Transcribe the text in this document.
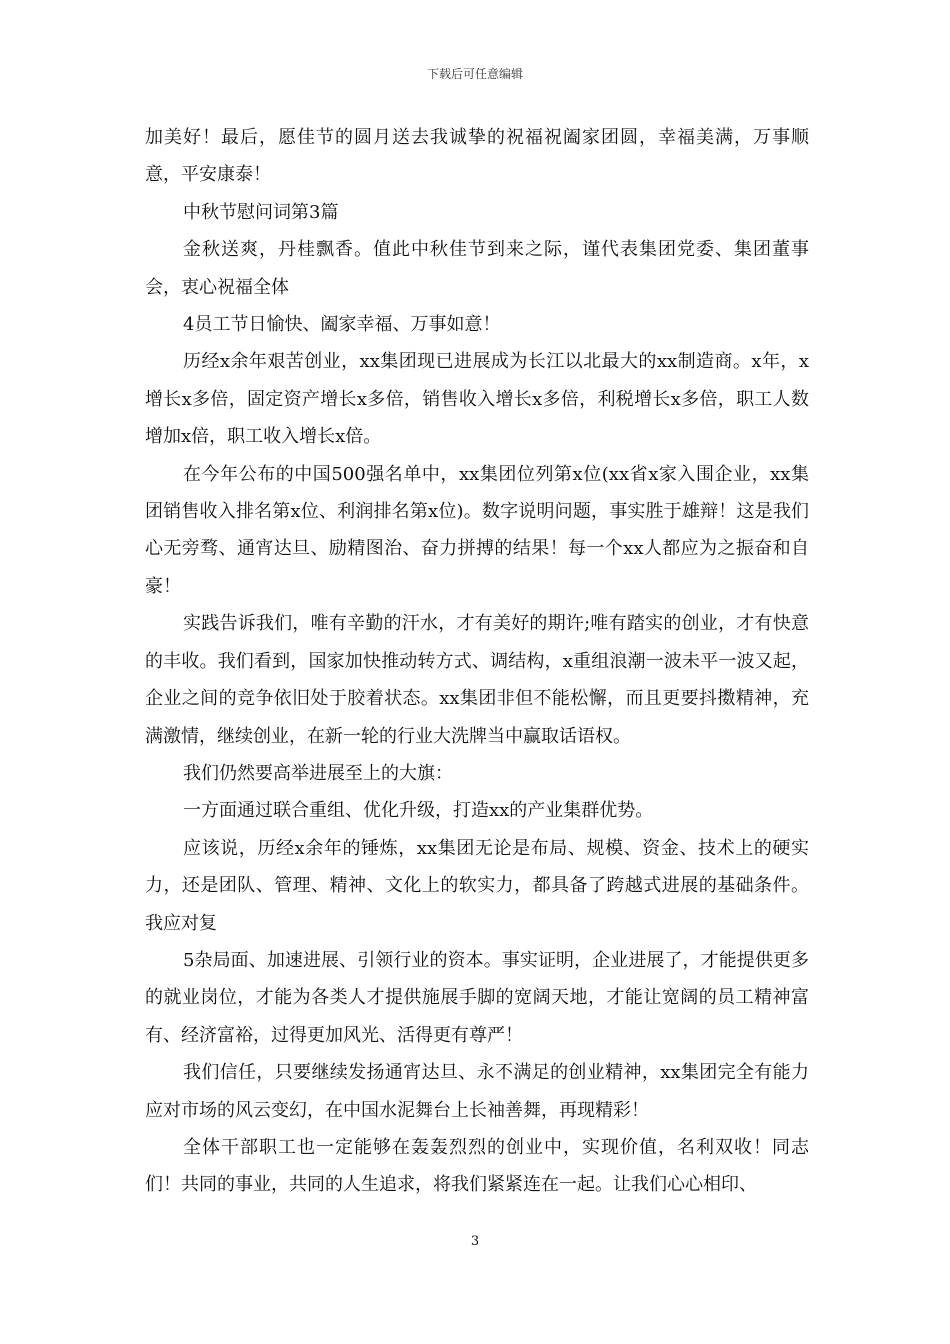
下载后可任意编辑

加美好！最后，愿佳节的圆月送去我诚挚的祝福祝阖家团圆，幸福美满，万事顺意，平安康泰！

中秋节慰问词第3篇

金秋送爽，丹桂飘香。值此中秋佳节到来之际，谨代表集团党委、集团董事会，衷心祝福全体

4员工节日愉快、阖家幸福、万事如意！

历经x余年艰苦创业，xx集团现已进展成为长江以北最大的xx制造商。x年，x增长x多倍，固定资产增长x多倍，销售收入增长x多倍，利税增长x多倍，职工人数增加x倍，职工收入增长x倍。

在今年公布的中国500强名单中，xx集团位列第x位(xx省x家入围企业，xx集团销售收入排名第x位、利润排名第x位)。数字说明问题，事实胜于雄辩！这是我们心无旁骛、通宵达旦、励精图治、奋力拼搏的结果！每一个xx人都应为之振奋和自豪！

实践告诉我们，唯有辛勤的汗水，才有美好的期许;唯有踏实的创业，才有快意的丰收。我们看到，国家加快推动转方式、调结构，x重组浪潮一波未平一波又起，企业之间的竞争依旧处于胶着状态。xx集团非但不能松懈，而且更要抖擞精神，充满激情，继续创业，在新一轮的行业大洗牌当中赢取话语权。

我们仍然要高举进展至上的大旗：

一方面通过联合重组、优化升级，打造xx的产业集群优势。

应该说，历经x余年的锤炼，xx集团无论是布局、规模、资金、技术上的硬实力，还是团队、管理、精神、文化上的软实力，都具备了跨越式进展的基础条件。我应对复

5杂局面、加速进展、引领行业的资本。事实证明，企业进展了，才能提供更多的就业岗位，才能为各类人才提供施展手脚的宽阔天地，才能让宽阔的员工精神富有、经济富裕，过得更加风光、活得更有尊严！

我们信任，只要继续发扬通宵达旦、永不满足的创业精神，xx集团完全有能力应对市场的风云变幻，在中国水泥舞台上长袖善舞，再现精彩！

全体干部职工也一定能够在轰轰烈烈的创业中，实现价值，名利双收！同志们！共同的事业，共同的人生追求，将我们紧紧连在一起。让我们心心相印、

3
